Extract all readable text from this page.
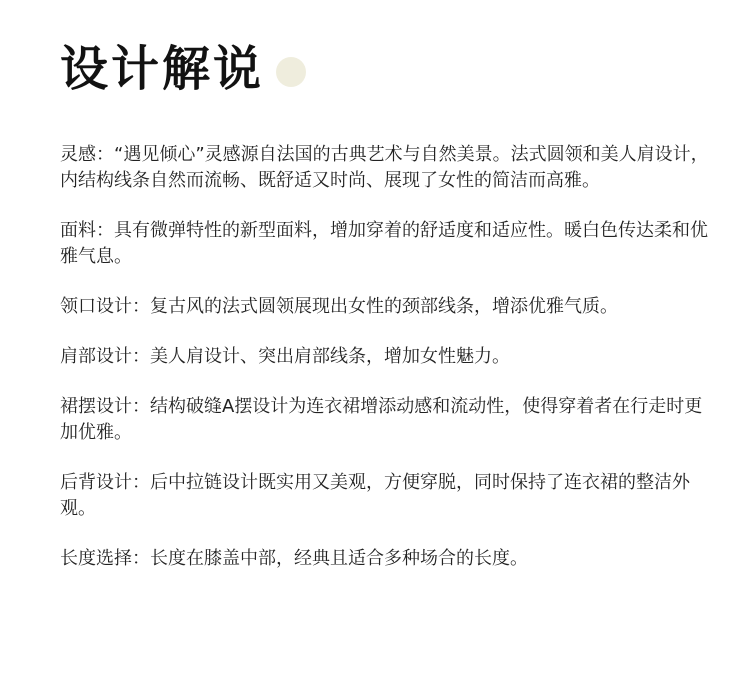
设计解说

灵感：“遇见倾心”灵感源自法国的古典艺术与自然美景。法式圆领和美人肩设计，内结构线条自然而流畅、既舒适又时尚、展现了女性的简洁而高雅。

面料：具有微弹特性的新型面料，增加穿着的舒适度和适应性。暖白色传达柔和优雅气息。

领口设计：复古风的法式圆领展现出女性的颈部线条，增添优雅气质。

肩部设计：美人肩设计、突出肩部线条，增加女性魅力。

裙摆设计：结构破缝A摆设计为连衣裙增添动感和流动性，使得穿着者在行走时更加优雅。

后背设计：后中拉链设计既实用又美观，方便穿脱，同时保持了连衣裙的整洁外观。

长度选择：长度在膝盖中部，经典且适合多种场合的长度。
